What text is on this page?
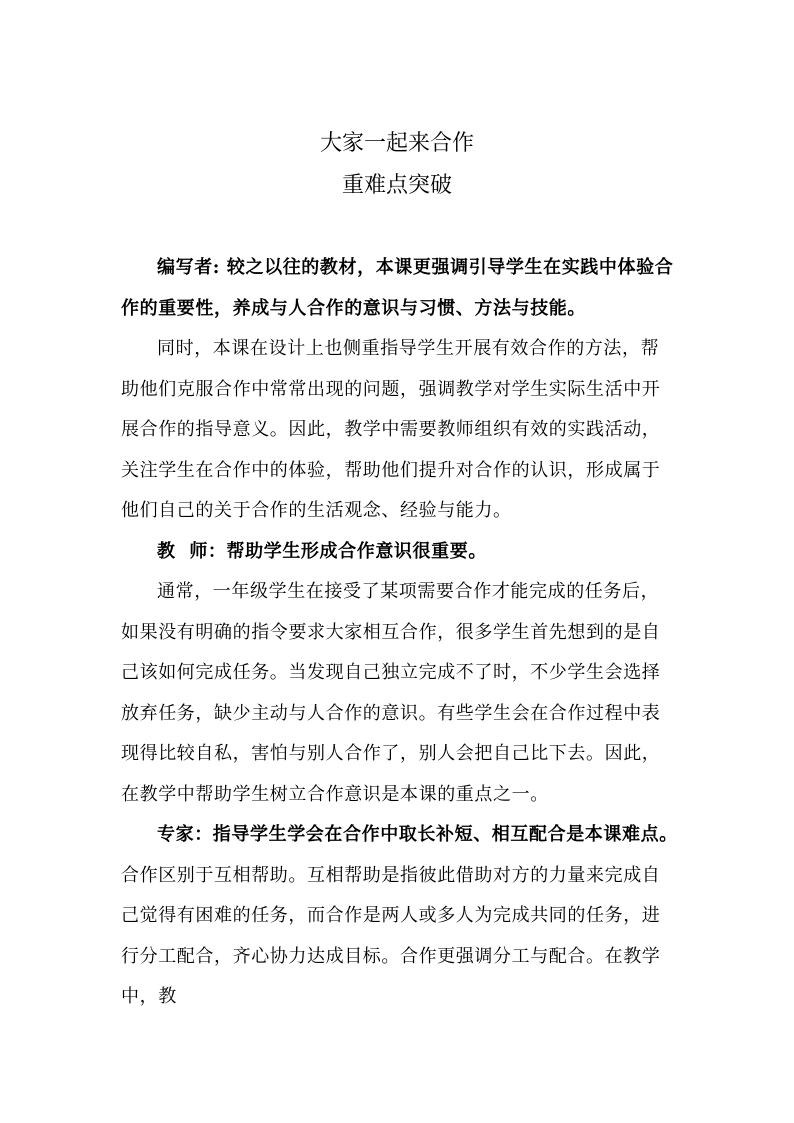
大家一起来合作
重难点突破

编写者: 较之以往的教材，本课更强调引导学生在实践中体验合作的重要性，养成与人合作的意识与习惯、方法与技能。

同时，本课在设计上也侧重指导学生开展有效合作的方法，帮助他们克服合作中常常出现的问题，强调教学对学生实际生活中开展合作的指导意义。因此，教学中需要教师组织有效的实践活动，关注学生在合作中的体验，帮助他们提升对合作的认识，形成属于他们自己的关于合作的生活观念、经验与能力。

教  师：帮助学生形成合作意识很重要。

通常，一年级学生在接受了某项需要合作才能完成的任务后，如果没有明确的指令要求大家相互合作，很多学生首先想到的是自己该如何完成任务。当发现自己独立完成不了时，不少学生会选择放弃任务，缺少主动与人合作的意识。有些学生会在合作过程中表现得比较自私，害怕与别人合作了，别人会把自己比下去。因此，在教学中帮助学生树立合作意识是本课的重点之一。

专家：指导学生学会在合作中取长补短、相互配合是本课难点。

合作区别于互相帮助。互相帮助是指彼此借助对方的力量来完成自己觉得有困难的任务，而合作是两人或多人为完成共同的任务，进行分工配合，齐心协力达成目标。合作更强调分工与配合。在教学中，教
